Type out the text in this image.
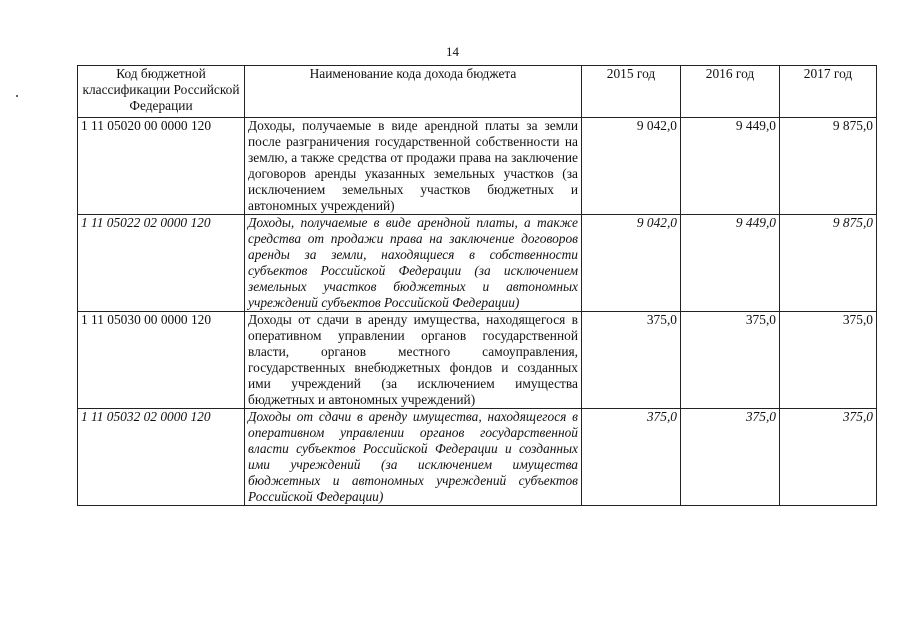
14
Код бюджетной классификации Российской Федерации	Наименование кода дохода бюджета	2015 год	2016 год	2017 год
1 11 05020 00 0000 120	Доходы, получаемые в виде арендной платы за земли после разграничения государственной собственности на землю, а также средства от продажи права на заключение договоров аренды указанных земельных участков (за исключением земельных участков бюджетных и автономных учреждений)	9 042,0	9 449,0	9 875,0
1 11 05022 02 0000 120	Доходы, получаемые в виде арендной платы, а также средства от продажи права на заключение договоров аренды за земли, находящиеся в собственности субъектов Российской Федерации (за исключением земельных участков бюджетных и автономных учреждений субъектов Российской Федерации)	9 042,0	9 449,0	9 875,0
1 11 05030 00 0000 120	Доходы от сдачи в аренду имущества, находящегося в оперативном управлении органов государственной власти, органов местного самоуправления, государственных внебюджетных фондов и созданных ими учреждений (за исключением имущества бюджетных и автономных учреждений)	375,0	375,0	375,0
1 11 05032 02 0000 120	Доходы от сдачи в аренду имущества, находящегося в оперативном управлении органов государственной власти субъектов Российской Федерации и созданных ими учреждений (за исключением имущества бюджетных и автономных учреждений субъектов Российской Федерации)	375,0	375,0	375,0
